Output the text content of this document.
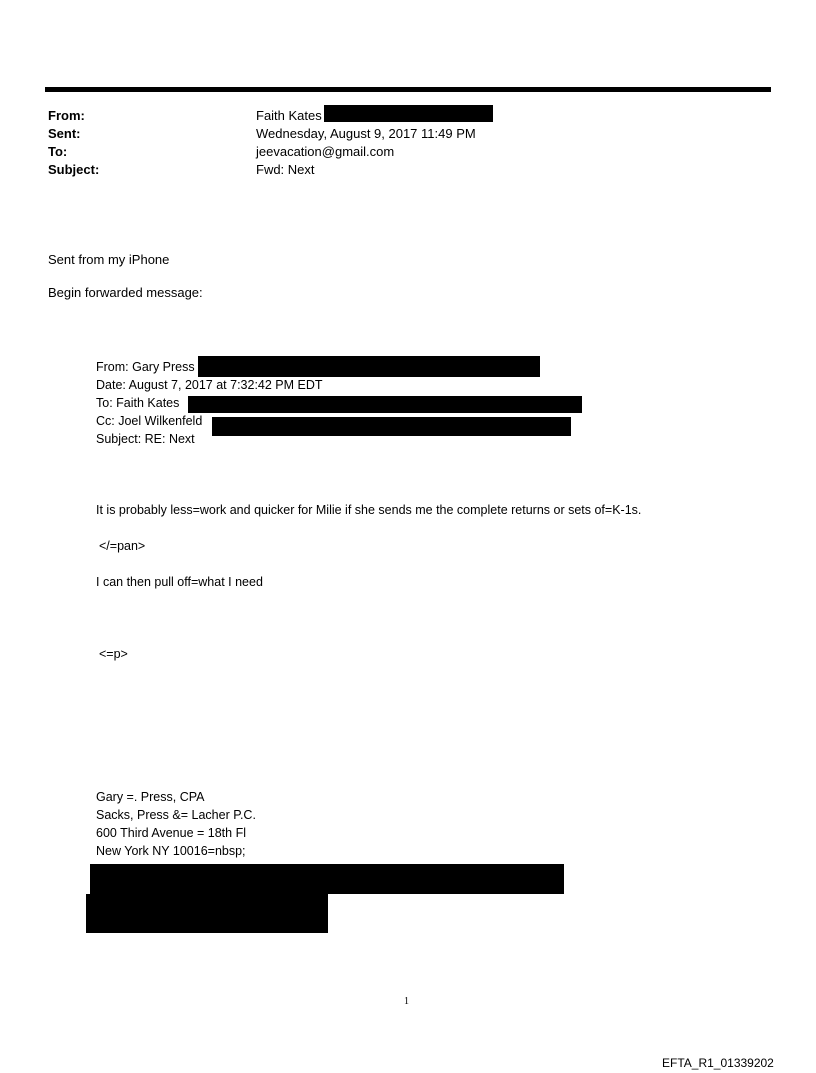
From:	Faith Kates
Sent:	Wednesday, August 9, 2017 11:49 PM
To:	jeevacation@gmail.com
Subject:	Fwd: Next
Sent from my iPhone
Begin forwarded message:
From: Gary Press
Date: August 7, 2017 at 7:32:42 PM EDT
To: Faith Kates
Cc: Joel Wilkenfeld
Subject: RE: Next
It is probably less=work and quicker for Milie if she sends me the complete returns or sets of=K-1s.
</=pan>
I can then pull off=what I need
<=p>
Gary =. Press, CPA
Sacks, Press &= Lacher P.C.
600 Third Avenue = 18th Fl
New York NY 10016=nbsp;
1
EFTA_R1_01339202
